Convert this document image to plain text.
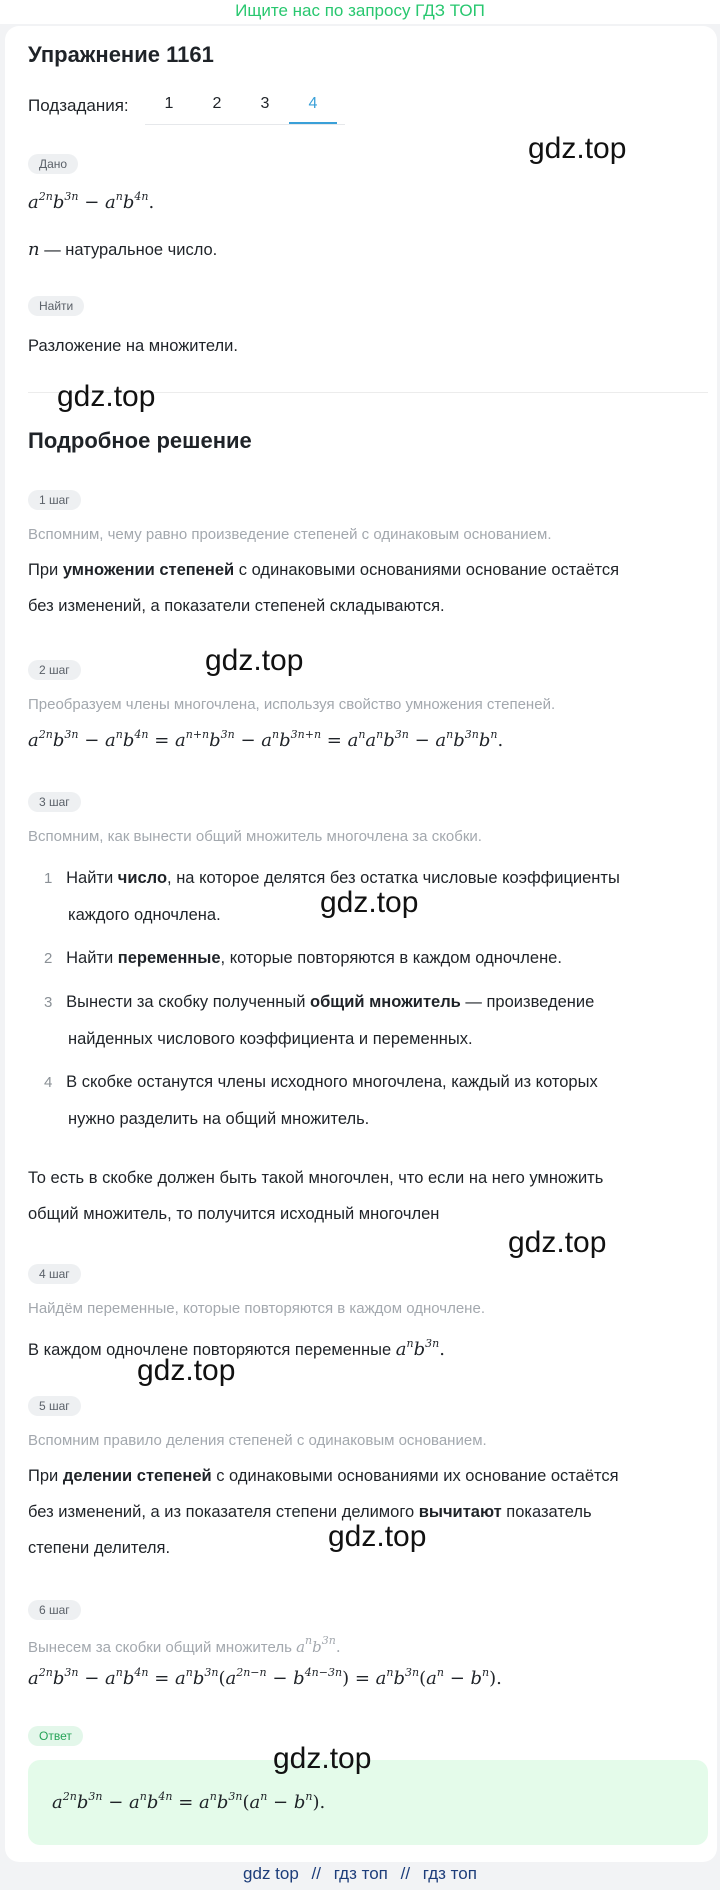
Ищите нас по запросу ГДЗ ТОП
Упражнение 1161
Подзадания:	1	2	3	4
Дано
$a^{2n}b^{3n} - a^nb^{4n}$.
n — натуральное число.
Найти
Разложение на множители.
Подробное решение
1 шаг
Вспомним, чему равно произведение степеней с одинаковым основанием.
При умножении степеней с одинаковыми основаниями основание остаётся
без изменений, а показатели степеней складываются.
2 шаг
Преобразуем члены многочлена, используя свойство умножения степеней.
$a^{2n}b^{3n} - a^nb^{4n} = a^{n+n}b^{3n} - a^nb^{3n+n} = a^na^nb^{3n} - a^nb^{3n}b^n$.
3 шаг
Вспомним, как вынести общий множитель многочлена за скобки.
1 Найти число, на которое делятся без остатка числовые коэффициенты
каждого одночлена.
2 Найти переменные, которые повторяются в каждом одночлене.
3 Вынести за скобку полученный общий множитель — произведение
найденных числового коэффициента и переменных.
4 В скобке останутся члены исходного многочлена, каждый из которых
нужно разделить на общий множитель.
То есть в скобке должен быть такой многочлен, что если на него умножить
общий множитель, то получится исходный многочлен
4 шаг
Найдём переменные, которые повторяются в каждом одночлене.
В каждом одночлене повторяются переменные $a^nb^{3n}$.
5 шаг
Вспомним правило деления степеней с одинаковым основанием.
При делении степеней с одинаковыми основаниями их основание остаётся
без изменений, а из показателя степени делимого вычитают показатель
степени делителя.
6 шаг
Вынесем за скобки общий множитель $a^nb^{3n}$.
$a^{2n}b^{3n} - a^nb^{4n} = a^nb^{3n}(a^{2n-n} - b^{4n-3n}) = a^nb^{3n}(a^n - b^n)$.
Ответ
$a^{2n}b^{3n} - a^nb^{4n} = a^nb^{3n}(a^n - b^n)$.
gdz.top
gdz.top
gdz.top
gdz.top
gdz.top
gdz.top
gdz.top
gdz.top
gdz top // гдз топ // гдз топ
